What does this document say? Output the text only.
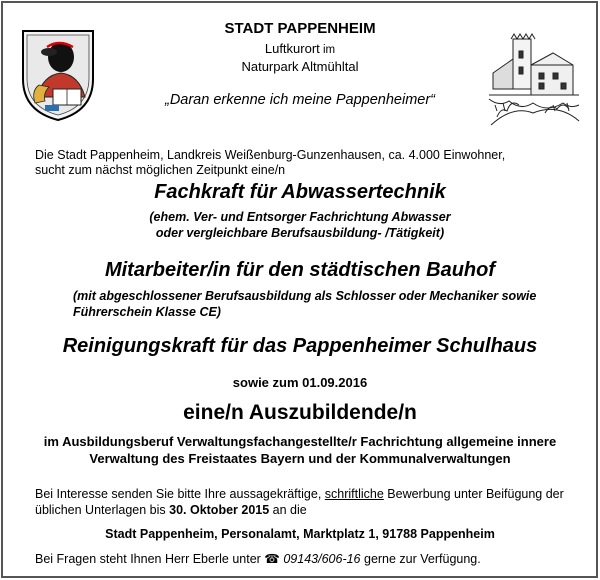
STADT PAPPENHEIM
Luftkurort im
Naturpark Altmühltal
„Daran erkenne ich meine Pappenheimer“
Die Stadt Pappenheim, Landkreis Weißenburg-Gunzenhausen, ca. 4.000 Einwohner,
sucht zum nächst möglichen Zeitpunkt eine/n
Fachkraft für Abwassertechnik
(ehem. Ver- und Entsorger Fachrichtung Abwasser
oder vergleichbare Berufsausbildung- /Tätigkeit)
Mitarbeiter/in für den städtischen Bauhof
(mit abgeschlossener Berufsausbildung als Schlosser oder Mechaniker sowie
Führerschein Klasse CE)
Reinigungskraft für das Pappenheimer Schulhaus
sowie zum 01.09.2016
eine/n Auszubildende/n
im Ausbildungsberuf Verwaltungsfachangestellte/r Fachrichtung allgemeine innere
Verwaltung des Freistaates Bayern und der Kommunalverwaltungen
Bei Interesse senden Sie bitte Ihre aussagekräftige, schriftliche Bewerbung unter Beifügung der
üblichen Unterlagen bis 30. Oktober 2015 an die
Stadt Pappenheim, Personalamt, Marktplatz 1, 91788 Pappenheim
Bei Fragen steht Ihnen Herr Eberle unter ☎ 09143/606-16 gerne zur Verfügung.
